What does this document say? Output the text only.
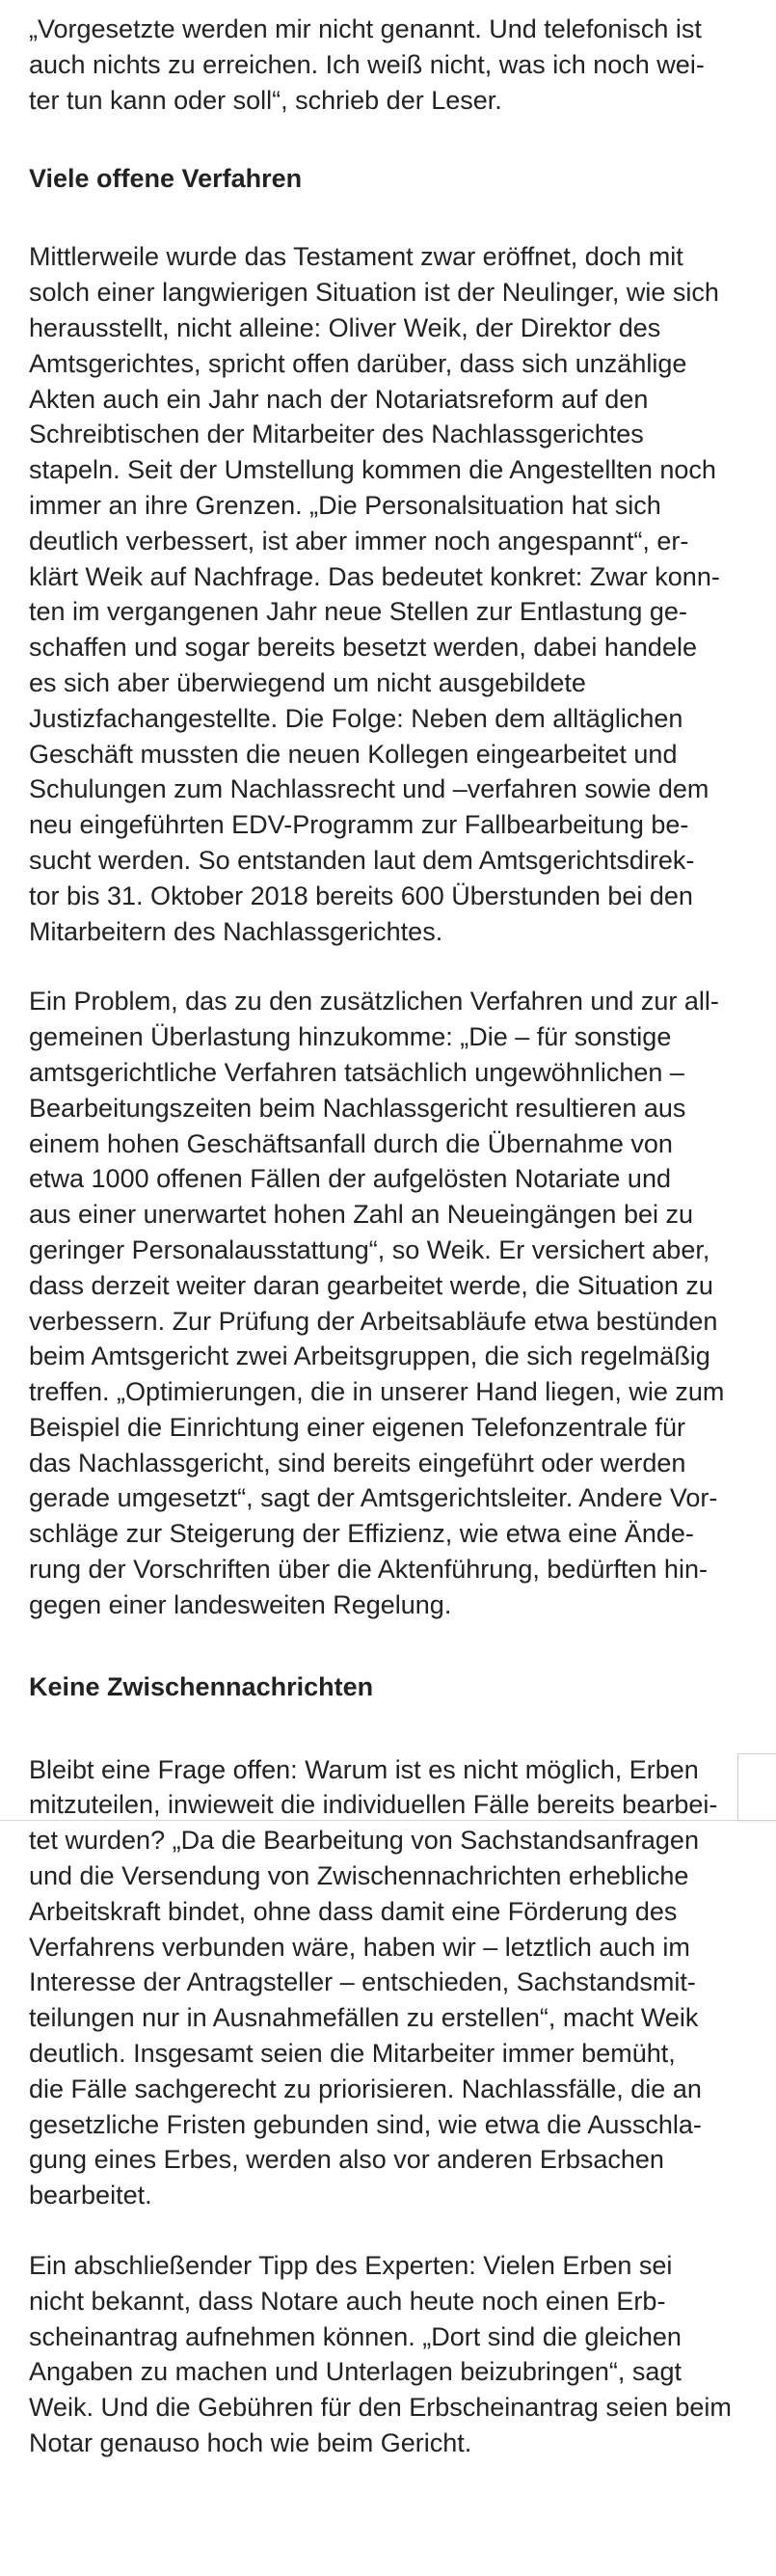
„Vorgesetzte werden mir nicht genannt. Und telefonisch ist
auch nichts zu erreichen. Ich weiß nicht, was ich noch wei-
ter tun kann oder soll“, schrieb der Leser.

Viele offene Verfahren

Mittlerweile wurde das Testament zwar eröffnet, doch mit
solch einer langwierigen Situation ist der Neulinger, wie sich
herausstellt, nicht alleine: Oliver Weik, der Direktor des
Amtsgerichtes, spricht offen darüber, dass sich unzählige
Akten auch ein Jahr nach der Notariatsreform auf den
Schreibtischen der Mitarbeiter des Nachlassgerichtes
stapeln. Seit der Umstellung kommen die Angestellten noch
immer an ihre Grenzen. „Die Personalsituation hat sich
deutlich verbessert, ist aber immer noch angespannt“, er-
klärt Weik auf Nachfrage. Das bedeutet konkret: Zwar konn-
ten im vergangenen Jahr neue Stellen zur Entlastung ge-
schaffen und sogar bereits besetzt werden, dabei handele
es sich aber überwiegend um nicht ausgebildete
Justizfachangestellte. Die Folge: Neben dem alltäglichen
Geschäft mussten die neuen Kollegen eingearbeitet und
Schulungen zum Nachlassrecht und –verfahren sowie dem
neu eingeführten EDV-Programm zur Fallbearbeitung be-
sucht werden. So entstanden laut dem Amtsgerichtsdirek-
tor bis 31. Oktober 2018 bereits 600 Überstunden bei den
Mitarbeitern des Nachlassgerichtes.

Ein Problem, das zu den zusätzlichen Verfahren und zur all-
gemeinen Überlastung hinzukomme: „Die – für sonstige
amtsgerichtliche Verfahren tatsächlich ungewöhnlichen –
Bearbeitungszeiten beim Nachlassgericht resultieren aus
einem hohen Geschäftsanfall durch die Übernahme von
etwa 1000 offenen Fällen der aufgelösten Notariate und
aus einer unerwartet hohen Zahl an Neueingängen bei zu
geringer Personalausstattung“, so Weik. Er versichert aber,
dass derzeit weiter daran gearbeitet werde, die Situation zu
verbessern. Zur Prüfung der Arbeitsabläufe etwa bestünden
beim Amtsgericht zwei Arbeitsgruppen, die sich regelmäßig
treffen. „Optimierungen, die in unserer Hand liegen, wie zum
Beispiel die Einrichtung einer eigenen Telefonzentrale für
das Nachlassgericht, sind bereits eingeführt oder werden
gerade umgesetzt“, sagt der Amtsgerichtsleiter. Andere Vor-
schläge zur Steigerung der Effizienz, wie etwa eine Ände-
rung der Vorschriften über die Aktenführung, bedürften hin-
gegen einer landesweiten Regelung.

Keine Zwischennachrichten

Bleibt eine Frage offen: Warum ist es nicht möglich, Erben
mitzuteilen, inwieweit die individuellen Fälle bereits bearbei-
tet wurden? „Da die Bearbeitung von Sachstandsanfragen
und die Versendung von Zwischennachrichten erhebliche
Arbeitskraft bindet, ohne dass damit eine Förderung des
Verfahrens verbunden wäre, haben wir – letztlich auch im
Interesse der Antragsteller – entschieden, Sachstandsmit-
teilungen nur in Ausnahmefällen zu erstellen“, macht Weik
deutlich. Insgesamt seien die Mitarbeiter immer bemüht,
die Fälle sachgerecht zu priorisieren. Nachlassfälle, die an
gesetzliche Fristen gebunden sind, wie etwa die Ausschla-
gung eines Erbes, werden also vor anderen Erbsachen
bearbeitet.

Ein abschließender Tipp des Experten: Vielen Erben sei
nicht bekannt, dass Notare auch heute noch einen Erb-
scheinantrag aufnehmen können. „Dort sind die gleichen
Angaben zu machen und Unterlagen beizubringen“, sagt
Weik. Und die Gebühren für den Erbscheinantrag seien beim
Notar genauso hoch wie beim Gericht.
